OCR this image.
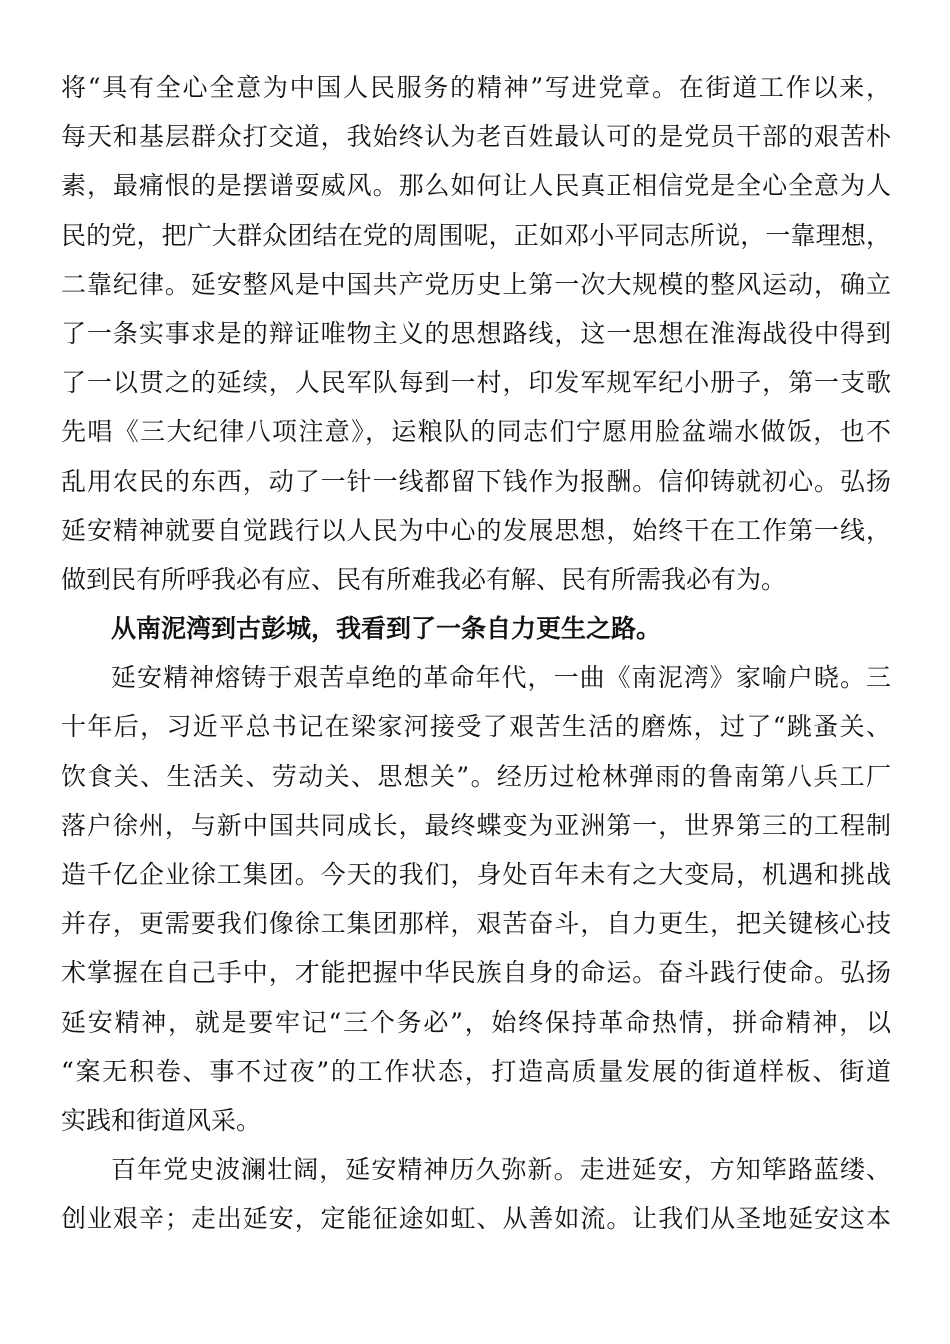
将“具有全心全意为中国人民服务的精神”写进党章。在街道工作以来，
每天和基层群众打交道，我始终认为老百姓最认可的是党员干部的艰苦朴
素，最痛恨的是摆谱耍威风。那么如何让人民真正相信党是全心全意为人
民的党，把广大群众团结在党的周围呢，正如邓小平同志所说，一靠理想，
二靠纪律。延安整风是中国共产党历史上第一次大规模的整风运动，确立
了一条实事求是的辩证唯物主义的思想路线，这一思想在淮海战役中得到
了一以贯之的延续，人民军队每到一村，印发军规军纪小册子，第一支歌
先唱《三大纪律八项注意》，运粮队的同志们宁愿用脸盆端水做饭，也不
乱用农民的东西，动了一针一线都留下钱作为报酬。信仰铸就初心。弘扬
延安精神就要自觉践行以人民为中心的发展思想，始终干在工作第一线，
做到民有所呼我必有应、民有所难我必有解、民有所需我必有为。
从南泥湾到古彭城，我看到了一条自力更生之路。
延安精神熔铸于艰苦卓绝的革命年代，一曲《南泥湾》家喻户晓。三
十年后，习近平总书记在梁家河接受了艰苦生活的磨炼，过了“跳蚤关、
饮食关、生活关、劳动关、思想关”。经历过枪林弹雨的鲁南第八兵工厂
落户徐州，与新中国共同成长，最终蝶变为亚洲第一，世界第三的工程制
造千亿企业徐工集团。今天的我们，身处百年未有之大变局，机遇和挑战
并存，更需要我们像徐工集团那样，艰苦奋斗，自力更生，把关键核心技
术掌握在自己手中，才能把握中华民族自身的命运。奋斗践行使命。弘扬
延安精神，就是要牢记“三个务必”，始终保持革命热情，拼命精神，以
“案无积卷、事不过夜”的工作状态，打造高质量发展的街道样板、街道
实践和街道风采。
百年党史波澜壮阔，延安精神历久弥新。走进延安，方知筚路蓝缕、
创业艰辛；走出延安，定能征途如虹、从善如流。让我们从圣地延安这本
